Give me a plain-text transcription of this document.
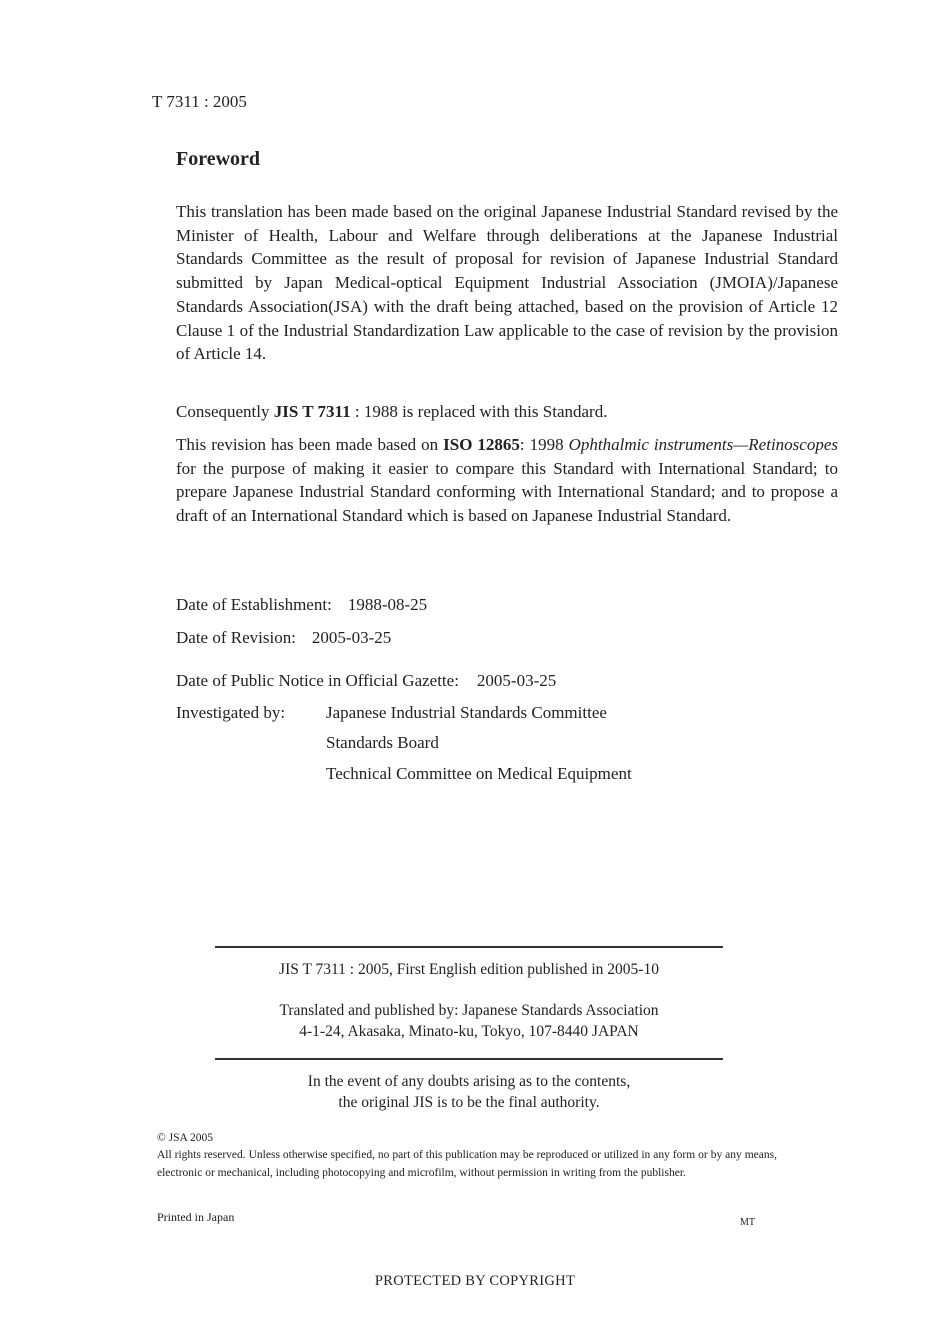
T 7311 : 2005
Foreword
This translation has been made based on the original Japanese Industrial Standard revised by the Minister of Health, Labour and Welfare through deliberations at the Japanese Industrial Standards Committee as the result of proposal for revision of Japanese Industrial Standard submitted by Japan Medical-optical Equipment Industrial Association (JMOIA)/Japanese Standards Association(JSA) with the draft being attached, based on the provision of Article 12 Clause 1 of the Industrial Standardization Law applicable to the case of revision by the provision of Article 14.
Consequently JIS T 7311 : 1988 is replaced with this Standard.
This revision has been made based on ISO 12865: 1998 Ophthalmic instruments—Retinoscopes for the purpose of making it easier to compare this Standard with International Standard; to prepare Japanese Industrial Standard conforming with International Standard; and to propose a draft of an International Standard which is based on Japanese Industrial Standard.
Date of Establishment: 1988-08-25
Date of Revision: 2005-03-25
Date of Public Notice in Official Gazette: 2005-03-25
Investigated by: Japanese Industrial Standards Committee
Standards Board
Technical Committee on Medical Equipment
JIS T 7311 : 2005, First English edition published in 2005-10
Translated and published by: Japanese Standards Association
4-1-24, Akasaka, Minato-ku, Tokyo, 107-8440 JAPAN
In the event of any doubts arising as to the contents,
the original JIS is to be the final authority.
© JSA 2005
All rights reserved. Unless otherwise specified, no part of this publication may be reproduced or utilized in any form or by any means, electronic or mechanical, including photocopying and microfilm, without permission in writing from the publisher.
Printed in Japan	MT
PROTECTED BY COPYRIGHT
